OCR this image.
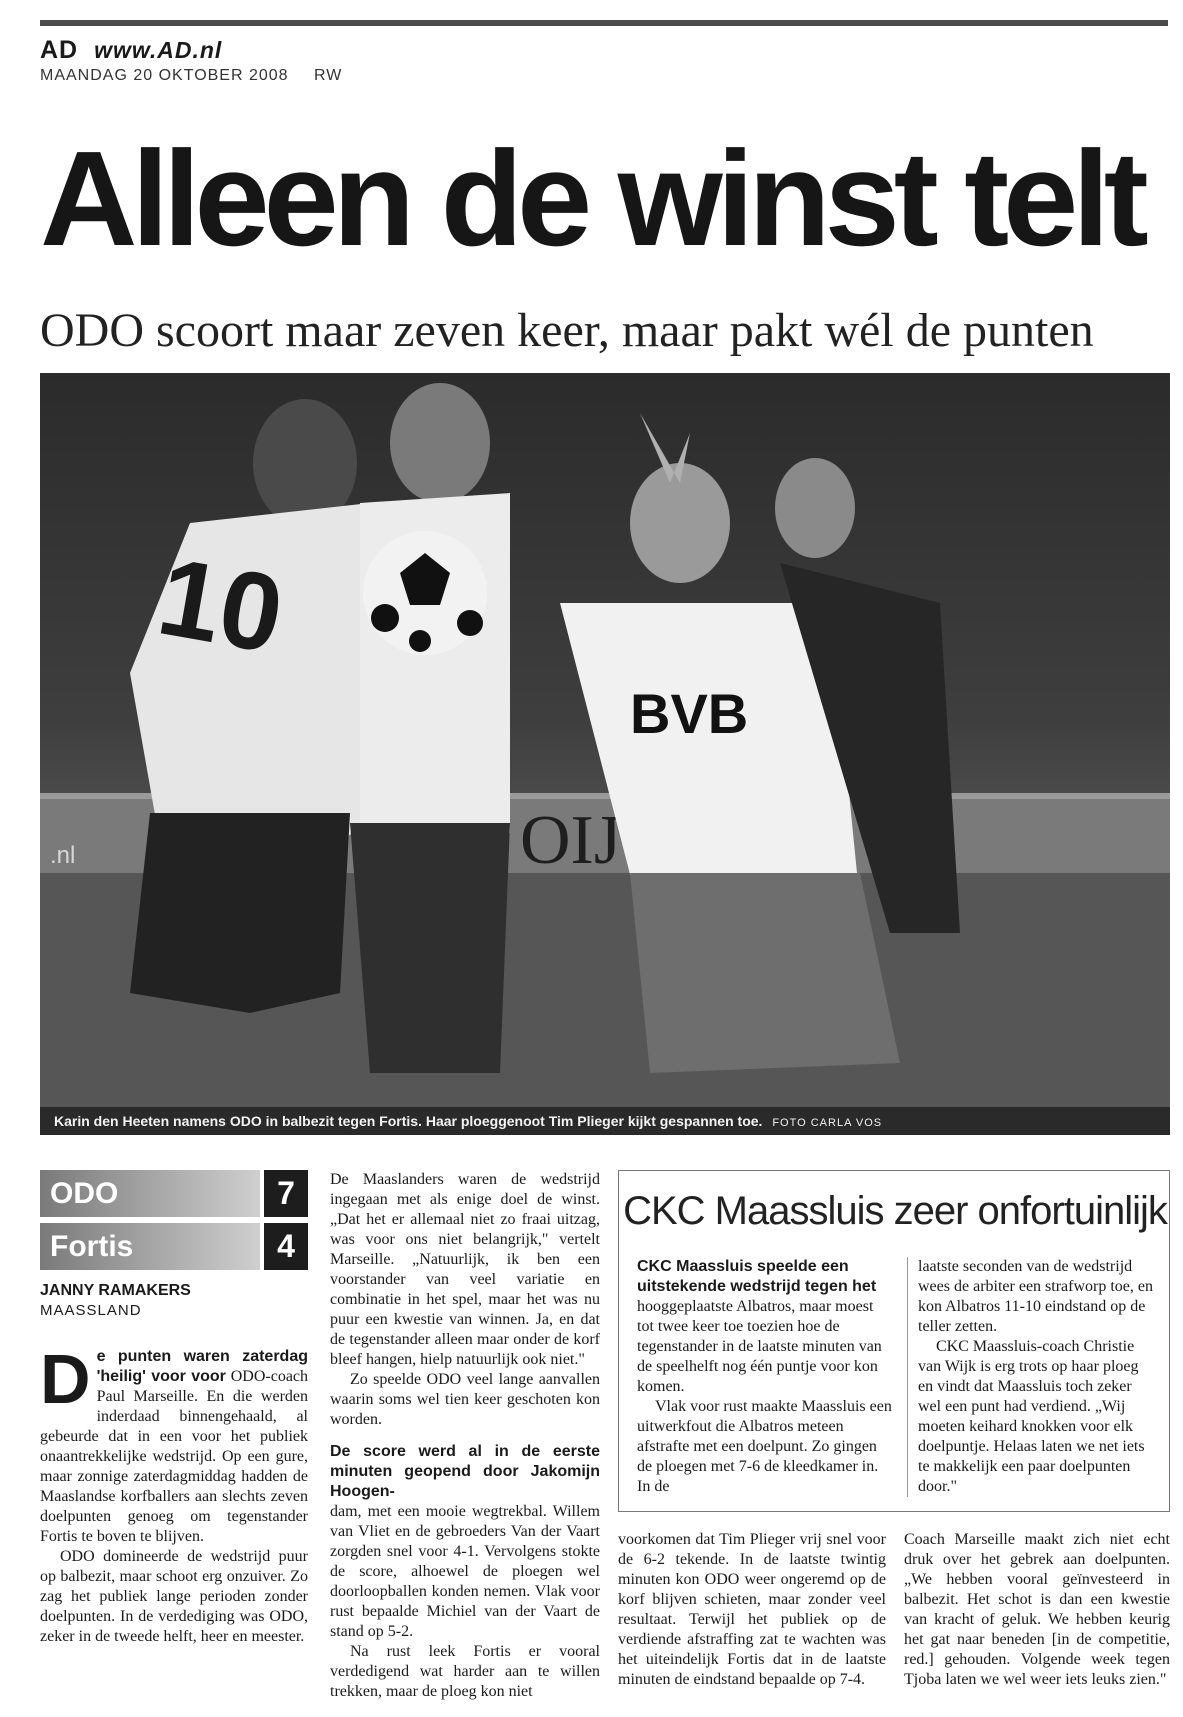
AD www.AD.nl
MAANDAG 20 OKTOBER 2008 RW
Alleen de winst telt
ODO scoort maar zeven keer, maar pakt wél de punten
OIJ
.nl
10
BVB
Karin den Heeten namens ODO in balbezit tegen Fortis. Haar ploeggenoot Tim Plieger kijkt gespannen toe. FOTO CARLA VOS
ODO	7
Fortis	4
JANNY RAMAKERS
MAASSLAND

De punten waren zaterdag 'heilig' voor voor ODO-coach Paul Marseille. En die werden inderdaad binnengehaald, al gebeurde dat in een voor het publiek onaantrekkelijke wedstrijd. Op een gure, maar zonnige zaterdagmiddag hadden de Maaslandse korfballers aan slechts zeven doelpunten genoeg om tegenstander Fortis te boven te blijven.

ODO domineerde de wedstrijd puur op balbezit, maar schoot erg onzuiver. Zo zag het publiek lange perioden zonder doelpunten. In de verdediging was ODO, zeker in de tweede helft, heer en meester.

De Maaslanders waren de wedstrijd ingegaan met als enige doel de winst. „Dat het er allemaal niet zo fraai uitzag, was voor ons niet belangrijk," vertelt Marseille. „Natuurlijk, ik ben een voorstander van veel variatie en combinatie in het spel, maar het was nu puur een kwestie van winnen. Ja, en dat de tegenstander alleen maar onder de korf bleef hangen, hielp natuurlijk ook niet."

Zo speelde ODO veel lange aanvallen waarin soms wel tien keer geschoten kon worden.

De score werd al in de eerste minuten geopend door Jakomijn Hoogen-

dam, met een mooie wegtrekbal. Willem van Vliet en de gebroeders Van der Vaart zorgden snel voor 4-1. Vervolgens stokte de score, alhoewel de ploegen wel doorloopballen konden nemen. Vlak voor rust bepaalde Michiel van der Vaart de stand op 5-2.

Na rust leek Fortis er vooral verdedigend wat harder aan te willen trekken, maar de ploeg kon niet

CKC Maassluis zeer onfortuinlijk

CKC Maassluis speelde een uitstekende wedstrijd tegen het hooggeplaatste Albatros, maar moest tot twee keer toe toezien hoe de tegenstander in de laatste minuten van de speelhelft nog één puntje voor kon komen.

Vlak voor rust maakte Maassluis een uitwerkfout die Albatros meteen afstrafte met een doelpunt. Zo gingen de ploegen met 7-6 de kleedkamer in. In de

laatste seconden van de wedstrijd wees de arbiter een strafworp toe, en kon Albatros 11-10 eindstand op de teller zetten.

CKC Maassluis-coach Christie van Wijk is erg trots op haar ploeg en vindt dat Maassluis toch zeker wel een punt had verdiend. „Wij moeten keihard knokken voor elk doelpuntje. Helaas laten we net iets te makkelijk een paar doelpunten door."

voorkomen dat Tim Plieger vrij snel voor de 6-2 tekende. In de laatste twintig minuten kon ODO weer ongeremd op de korf blijven schieten, maar zonder veel resultaat. Terwijl het publiek op de verdiende afstraffing zat te wachten was het uiteindelijk Fortis dat in de laatste minuten de eindstand bepaalde op 7-4.

Coach Marseille maakt zich niet echt druk over het gebrek aan doelpunten. „We hebben vooral geïnvesteerd in balbezit. Het schot is dan een kwestie van kracht of geluk. We hebben keurig het gat naar beneden [in de competitie, red.] gehouden. Volgende week tegen Tjoba laten we wel weer iets leuks zien."
